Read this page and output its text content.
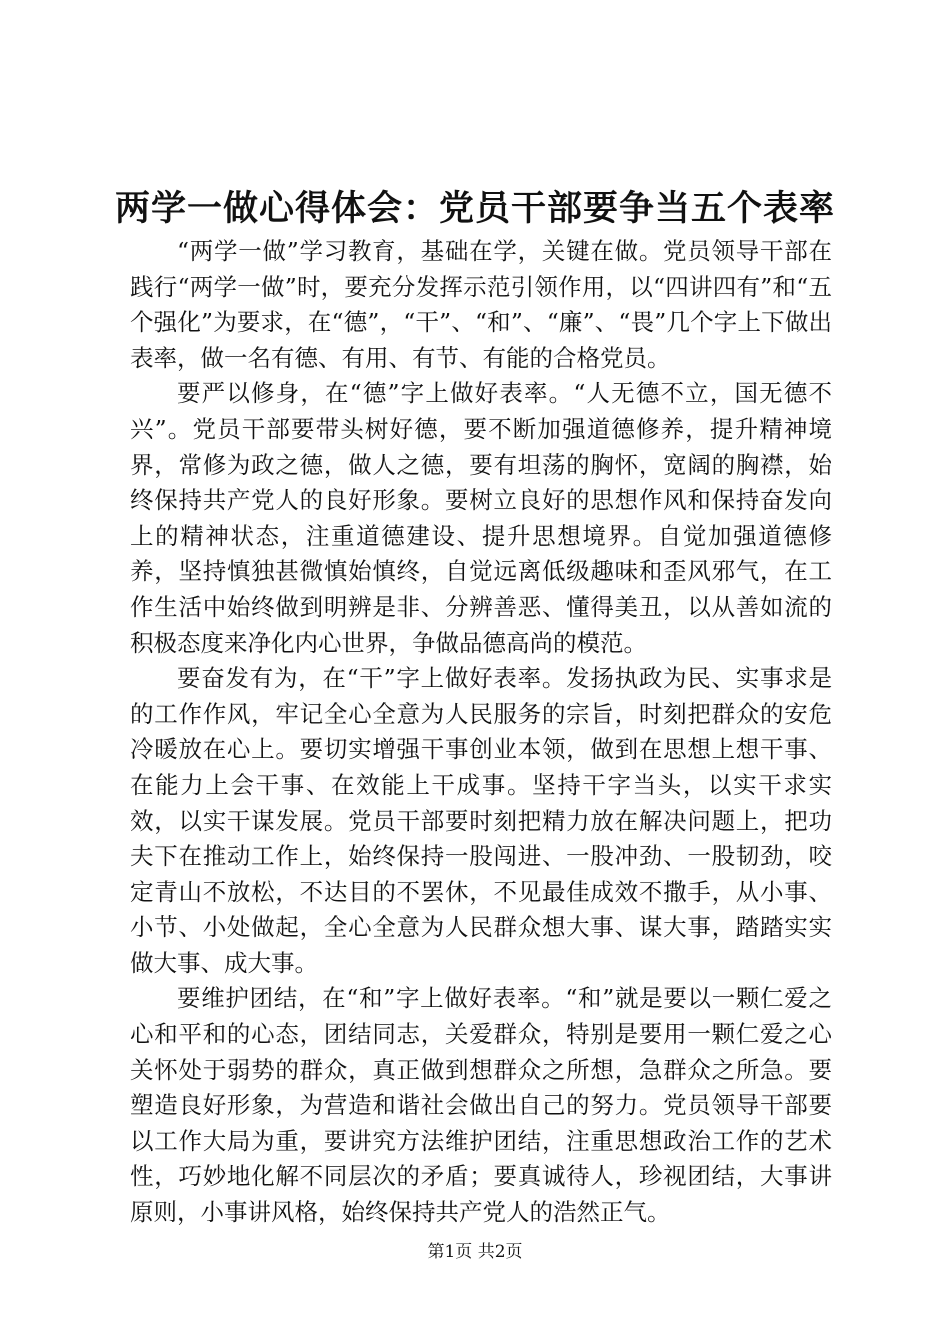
两学一做心得体会：党员干部要争当五个表率

“两学一做”学习教育，基础在学，关键在做。党员领导干部在践行“两学一做”时，要充分发挥示范引领作用，以“四讲四有”和“五个强化”为要求，在“德”，“干”、“和”、“廉”、“畏”几个字上下做出表率，做一名有德、有用、有节、有能的合格党员。

要严以修身，在“德”字上做好表率。“人无德不立，国无德不兴”。党员干部要带头树好德，要不断加强道德修养，提升精神境界，常修为政之德，做人之德，要有坦荡的胸怀，宽阔的胸襟，始终保持共产党人的良好形象。要树立良好的思想作风和保持奋发向上的精神状态，注重道德建设、提升思想境界。自觉加强道德修养，坚持慎独甚微慎始慎终，自觉远离低级趣味和歪风邪气，在工作生活中始终做到明辨是非、分辨善恶、懂得美丑，以从善如流的积极态度来净化内心世界，争做品德高尚的模范。

要奋发有为，在“干”字上做好表率。发扬执政为民、实事求是的工作作风，牢记全心全意为人民服务的宗旨，时刻把群众的安危冷暖放在心上。要切实增强干事创业本领，做到在思想上想干事、在能力上会干事、在效能上干成事。坚持干字当头，以实干求实效，以实干谋发展。党员干部要时刻把精力放在解决问题上，把功夫下在推动工作上，始终保持一股闯进、一股冲劲、一股韧劲，咬定青山不放松，不达目的不罢休，不见最佳成效不撒手，从小事、小节、小处做起，全心全意为人民群众想大事、谋大事，踏踏实实做大事、成大事。

要维护团结，在“和”字上做好表率。“和”就是要以一颗仁爱之心和平和的心态，团结同志，关爱群众，特别是要用一颗仁爱之心关怀处于弱势的群众，真正做到想群众之所想，急群众之所急。要塑造良好形象，为营造和谐社会做出自己的努力。党员领导干部要以工作大局为重，要讲究方法维护团结，注重思想政治工作的艺术性，巧妙地化解不同层次的矛盾；要真诚待人，珍视团结，大事讲原则，小事讲风格，始终保持共产党人的浩然正气。

第1页 共2页
